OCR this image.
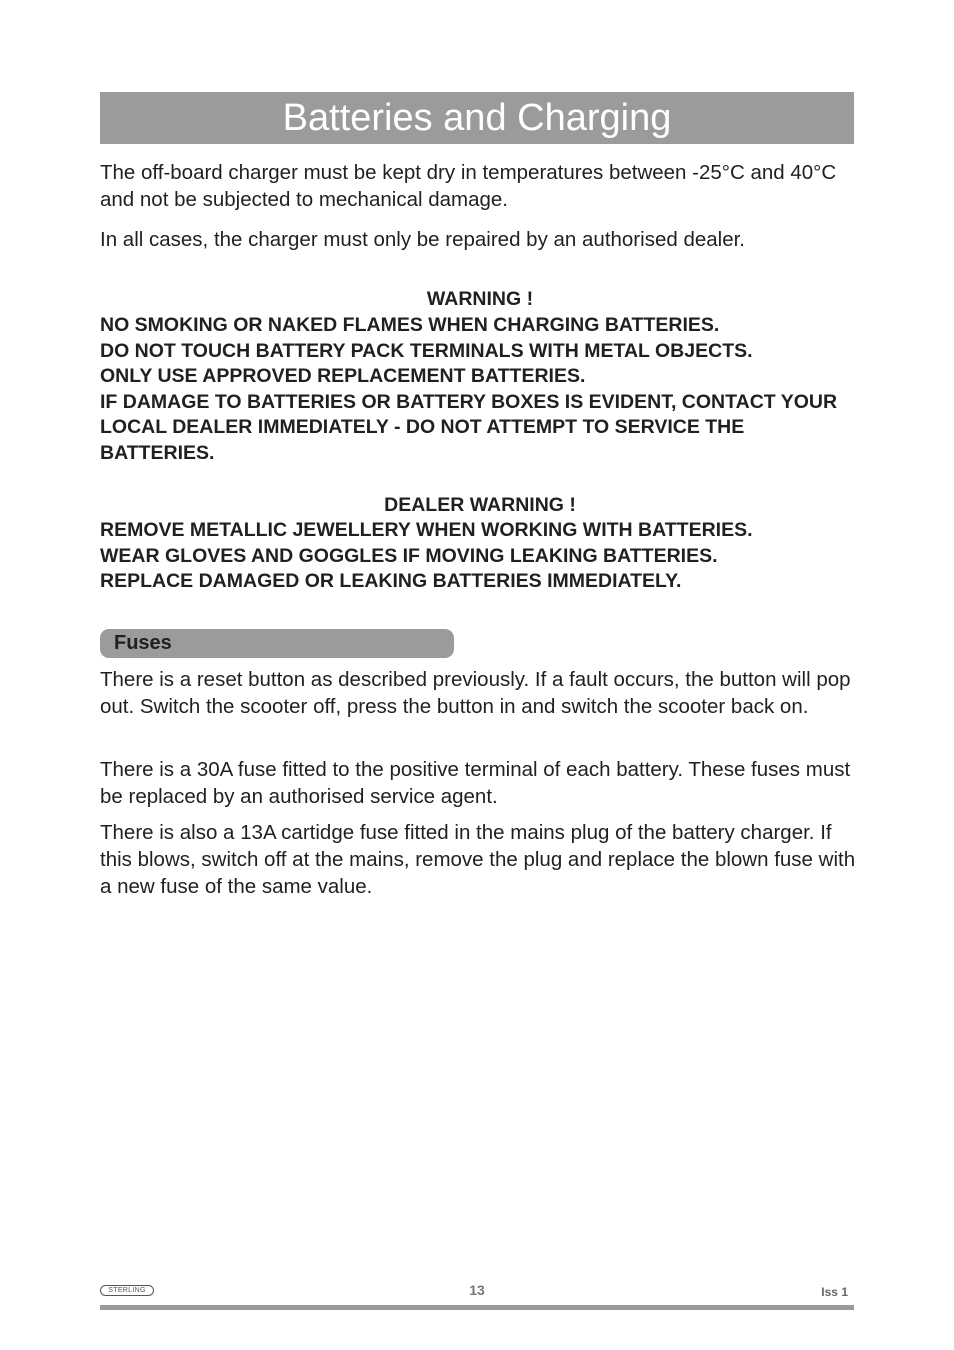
Batteries and Charging

The off-board charger must be kept dry in temperatures between -25°C and 40°C and not be subjected to mechanical damage.

In all cases, the charger must only be repaired by an authorised dealer.

WARNING !

NO SMOKING OR NAKED FLAMES WHEN CHARGING BATTERIES.
DO NOT TOUCH BATTERY PACK TERMINALS WITH METAL OBJECTS.
ONLY USE APPROVED REPLACEMENT BATTERIES.
IF DAMAGE TO BATTERIES OR BATTERY BOXES IS EVIDENT, CONTACT YOUR LOCAL DEALER IMMEDIATELY - DO NOT ATTEMPT TO SERVICE THE BATTERIES.

DEALER WARNING !

REMOVE METALLIC JEWELLERY WHEN WORKING WITH BATTERIES.
WEAR GLOVES AND GOGGLES IF MOVING LEAKING BATTERIES.
REPLACE DAMAGED OR LEAKING BATTERIES IMMEDIATELY.

Fuses

There is a reset button as described previously. If a fault occurs, the button will pop out. Switch the scooter off, press the button in and switch the scooter back on.

There is a 30A fuse fitted to the positive terminal of each battery. These fuses must be replaced by an authorised service agent.

There is also a 13A cartidge fuse fitted in the mains plug of the battery charger. If this blows, switch off at the mains, remove the plug and replace the blown fuse with a new fuse of the same value.

STERLING	13	Iss 1
